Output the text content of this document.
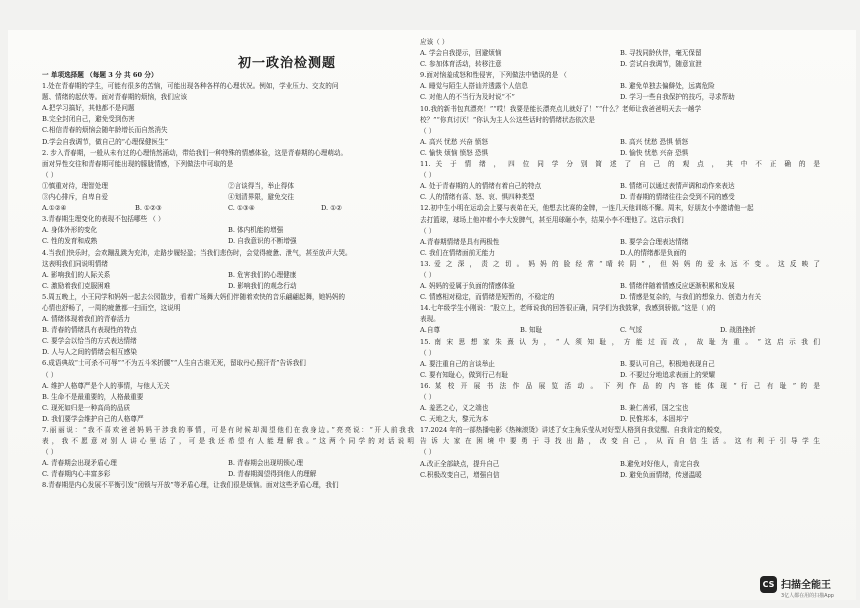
初一政治检测题
一 单项选择题 （每题 3 分 共 60 分）
1.处在青春期的学生，可能有很多的苦恼，可能出现各种各样的心理状况。例如，学业压力、交友的问
题、情绪的起伏等。面对青春期的烦恼，我们应该
A.把学习搞好，其他都不是问题
B.完全封闭自己，避免受到伤害
C.相信青春的烦恼会随年龄增长而自然消失
D.学会自我调节，做自己的“心理保健医生”
2. 步入青春期，一般从未有过的心理悄然涌动，带给我们一种特殊的情感体验，这是青春期的心理萌动。
面对异性交往和青春期可能出现的朦胧情感，下列做法中可取的是
（ ）
①慎重对待，理智处理	②言谈得当，举止得体
③内心排斥，自卑自爱	④划清界限，避免交往
A.①②④	B. ①②③	C. ①③④	D. ①②
3.青春期生理变化的表现不包括哪些 （ ）
A. 身体外形的变化	B. 体内机能的增强
C. 性的发育和成熟	D. 自我意识的不断增强
4.当我们快乐时，会欢蹦乱跳为充沛，走路步履轻盈；当我们悲伤时，会觉得疲惫、泄气，甚至放声大哭。
这表明我们同说明情绪
A. 影响我们的人际关系	B. 危害我们的心理健康
C. 激励着我们克服困难	D. 影响我们的观念行动
5.周五晚上，小王同学和妈妈一起去公园散步，看着广场舞大妈们伴随着欢快的音乐翩翩起舞，她妈妈的
心情也舒畅了，一周的疲惫都一扫而空，这说明
A. 情绪体现着我们的青春活力
B. 青春的情绪具有表现性的特点
C. 要学会以恰当的方式表达情绪
D. 人与人之间的情绪会相互感染
6.成语典故“士可杀不可辱”“不为五斗米折腰”“人生自古谁无死，留取丹心照汗青”告诉我们
（ ）
A. 维护人格尊严是个人的事情，与他人无关
B. 生命不是最重要的，人格最重要
C. 现死如归是一种高尚的品质
D. 我们要学会维护自己的人格尊严
7.丽丽说：“我不喜欢爸爸妈妈干涉我的事情，可是有时候却渴望他们在我身边。”亮亮说：“开人前我我
表，我不愿意对别人讲心里话了，可是我还希望有人能理解我。”这两个同学的对话说明
（ ）
A. 青春期会出现矛盾心理	B. 青春期会出现明锁心理
C. 青春期内心丰富多彩	D. 青春期渴望得到他人的理解
8.青春期是内心发展不平衡引发“闭锁与开放”等矛盾心理，让我们很是烦恼。面对这些矛盾心理，我们
应该（ ）
A. 学会自我提示，回避烦恼	B. 寻找同龄伙伴，毫无保留
C. 参加体育活动，转移注意	D. 尝试自我调节，随意宣泄
9.面对恼羞成怒和性侵害，下列做法中错误的是 （
A. 睡觉与陌生人搭讪并透露个人信息	B. 避免单独去偏僻处，远离危险
C. 对他人的不当行为及时说“不”	D. 学习一些自我保护的技巧，寻求帮助
10.我的新书包真漂亮！”“哎！我要是能长漂亮点儿就好了！”“什么？老师让我爸爸明天去一趟学
校？”“你真讨厌！”你认为主人公这些话时的情绪状态依次是
（ ）
A. 高兴 忧愁 兴奋 愤怒	B. 高兴 忧愁 恐惧 愤怒
C. 愉快 烦恼 愤怒 恐惧	D. 愉快 忧愁 兴奋 恐惧
11. 关 于 情 绪 ， 四 位 同 学 分 别 简 述 了 自 己 的 观 点 ， 其 中 不 正 确 的 是
（ ）
A. 处于青春期的人的情绪有着自己的特点	B. 情绪可以通过表情声调和动作来表达
C. 人的情绪有喜、怒、哀、惧四种类型	D. 青春期的情绪往往会受到不同的感受
12.初中生小明在运动会上要与表弟在天，他想去比赛的金牌，一连几天他训练不懈。周末，好朋友小李邀请他一起
去打篮球，球场上他冲着小李大发脾气，甚至用球砸小李，结果小李不理他了。这启示我们
（ ）
A.青春期情绪是具有两极性	B. 要学会合理表达情绪
C. 我们在情绪面前无能力	D.人的情绪都是负面的
13. 爱 之 深 ， 责 之 切 。 妈 妈 的 脸 经 常 “ 晴 转 阴 ” ， 但 妈 妈 的 爱 永 远 不 变 。 这 反 映 了
（ ）
A. 妈妈的爱属于负面的情感体验	B. 情绪伴随着情感反应逐渐积累和发展
C. 情感相对稳定，而情绪是短暂的，不稳定的	D. 情感是复杂的，与我们的想象力、创造力有关
14.七年级学生小刚说：“股立上，老师说我的回答很正确，同学们为我鼓掌，我感到骄傲。”这是（ )的
表现。
A.自尊	B. 知耻	C. 气馁	D. 战胜挫折
15. 南 宋 思 想 家 朱 熹 认 为 ， “ 人 须 知 耻 ， 方 能 过 而 改 ， 故 耻 为 重 。 ” 这 启 示 我 们
（ ）
A. 要注重自己的言谈举止	B. 要认可自己，积极地表现自己
C. 要有知耻心，做到行己有耻	D. 不要过分地追求表面上的荣耀
16. 某 校 开 展 书 法 作 品 展 览 活 动 。 下 列 作 品 的 内 容 能 体 现 “ 行 己 有 耻 ” 的 是
（ ）
A. 羞恶之心，义之端也	B. 兼仁善邪，国之宝也
C. 天地之大，黎元为本	D. 民惟邦本，本固邦宁
17.2024 年的一部热播电影《热辣滚烫》讲述了女主角乐莹从对好型人格到自我觉醒、自我肯定的蜕变，
告 诉 大 家 在 困 境 中 要 勇 于 寻 找 出 路 ， 改 变 自 己 ， 从 而 自 信 生 活 。 这 有 利 于 引 导 学 生
（ ）
A.改正全部缺点，提升自己	B.避免对好他人，肯定自我
C.积极改变自己，增强自信	D. 避免负面情绪，传递温暖
CS 扫描全能王
3亿人都在用的扫描App
